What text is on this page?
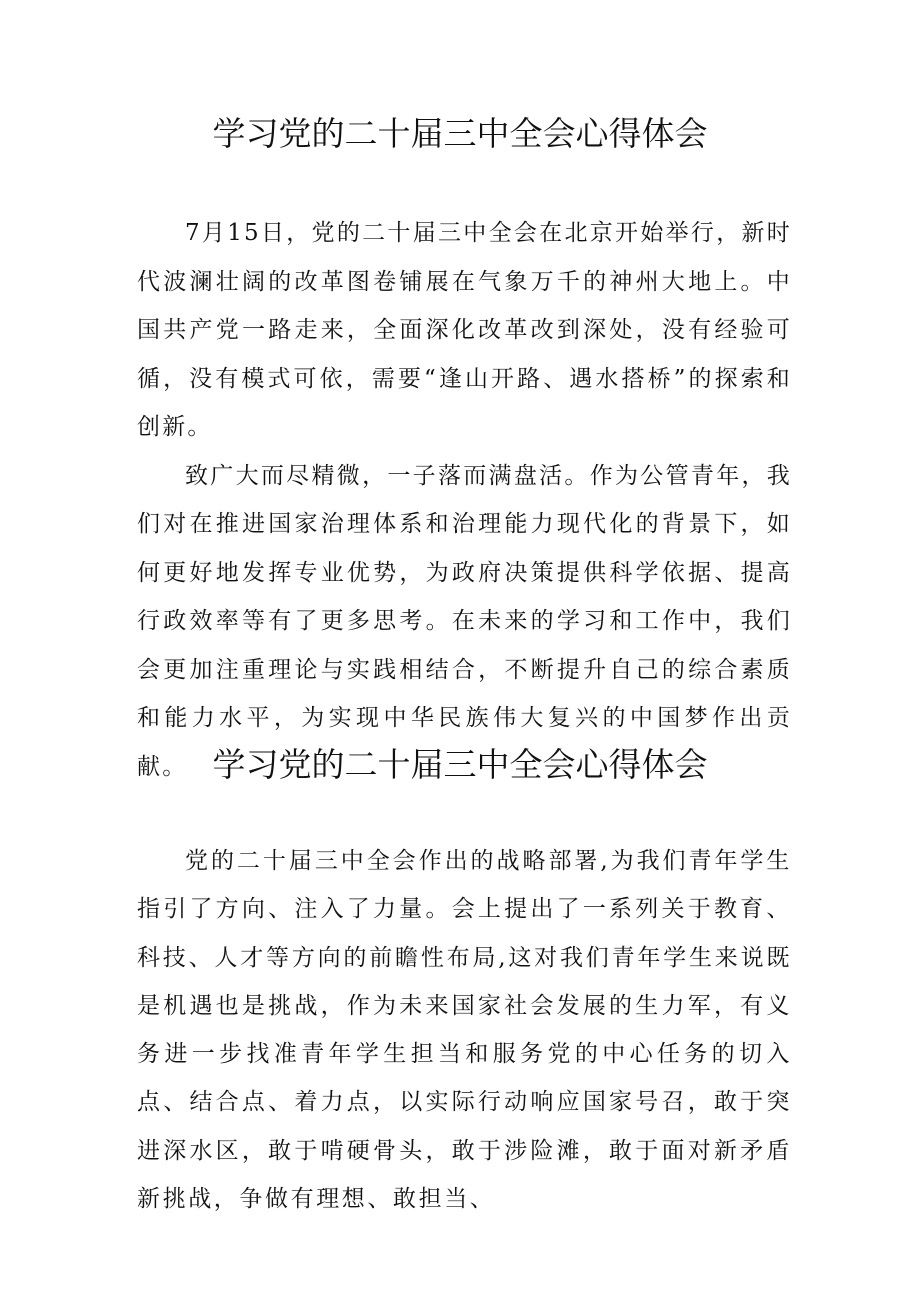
学习党的二十届三中全会心得体会

7月15日，党的二十届三中全会在北京开始举行，新时代波澜壮阔的改革图卷铺展在气象万千的神州大地上。中国共产党一路走来，全面深化改革改到深处，没有经验可循，没有模式可依，需要“逢山开路、遇水搭桥”的探索和创新。

致广大而尽精微，一子落而满盘活。作为公管青年，我们对在推进国家治理体系和治理能力现代化的背景下，如何更好地发挥专业优势，为政府决策提供科学依据、提高行政效率等有了更多思考。在未来的学习和工作中，我们会更加注重理论与实践相结合，不断提升自己的综合素质和能力水平，为实现中华民族伟大复兴的中国梦作出贡献。 学习党的二十届三中全会心得体会

党的二十届三中全会作出的战略部署,为我们青年学生指引了方向、注入了力量。会上提出了一系列关于教育、科技、人才等方向的前瞻性布局,这对我们青年学生来说既是机遇也是挑战，作为未来国家社会发展的生力军，有义务进一步找准青年学生担当和服务党的中心任务的切入点、结合点、着力点，以实际行动响应国家号召，敢于突进深水区，敢于啃硬骨头，敢于涉险滩，敢于面对新矛盾新挑战，争做有理想、敢担当、
